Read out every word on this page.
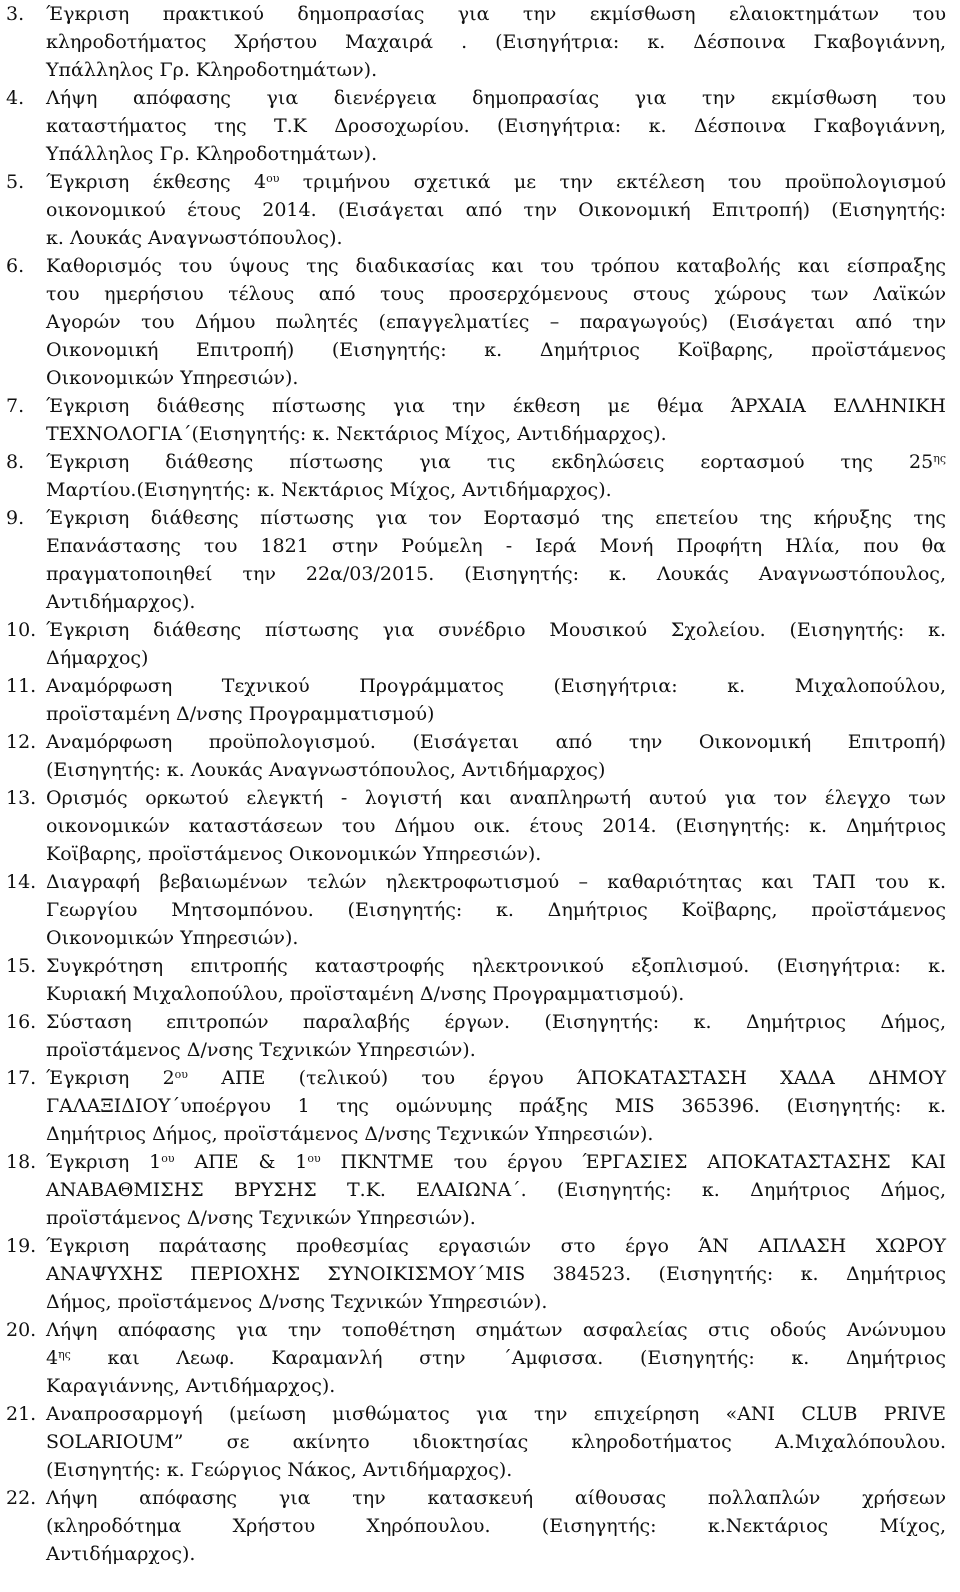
3.	Έγκριση πρακτικού δημοπρασίας για την εκμίσθωση ελαιοκτημάτων του
κληροδοτήματος Χρήστου Μαχαιρά . (Εισηγήτρια: κ. Δέσποινα Γκαβογιάννη,
Υπάλληλος Γρ. Κληροδοτημάτων).
4.	Λήψη απόφασης για διενέργεια δημοπρασίας για την εκμίσθωση του
καταστήματος της Τ.Κ Δροσοχωρίου. (Εισηγήτρια: κ. Δέσποινα Γκαβογιάννη,
Υπάλληλος Γρ. Κληροδοτημάτων).
5.	Έγκριση έκθεσης $4^{o\upsilon}$ τριμήνου σχετικά με την εκτέλεση του προϋπολογισμού
οικονομικού έτους 2014. (Εισάγεται από την Οικονομική Επιτροπή) (Εισηγητής:
κ. Λουκάς Αναγνωστόπουλος).
6.	Καθορισμός του ύψους της διαδικασίας και του τρόπου καταβολής και είσπραξης
του ημερήσιου τέλους από τους προσερχόμενους στους χώρους των Λαϊκών
Αγορών του Δήμου πωλητές (επαγγελματίες – παραγωγούς) (Εισάγεται από την
Οικονομική Επιτροπή) (Εισηγητής: κ. Δημήτριος Κοϊβαρης, προϊστάμενος
Οικονομικών Υπηρεσιών).
7.	Έγκριση διάθεσης πίστωσης για την έκθεση με θέμα ΆΡΧΑΙΑ ΕΛΛΗΝΙΚΗ
ΤΕΧΝΟΛΟΓΙΑ΄(Εισηγητής: κ. Νεκτάριος Μίχος, Αντιδήμαρχος).
8.	Έγκριση διάθεσης πίστωσης για τις εκδηλώσεις εορτασμού της $25^{\eta\varsigma}$
Μαρτίου.(Εισηγητής: κ. Νεκτάριος Μίχος, Αντιδήμαρχος).
9.	Έγκριση διάθεσης πίστωσης για τον Εορτασμό της επετείου της κήρυξης της
Επανάστασης του 1821 στην Ρούμελη - Ιερά Μονή Προφήτη Ηλία, που θα
πραγματοποιηθεί την 22α/03/2015. (Εισηγητής: κ. Λουκάς Αναγνωστόπουλος,
Αντιδήμαρχος).
10. Έγκριση διάθεσης πίστωσης για συνέδριο Μουσικού Σχολείου. (Εισηγητής: κ.
Δήμαρχος)
11. Αναμόρφωση Τεχνικού Προγράμματος (Εισηγήτρια: κ. Μιχαλοπούλου,
προϊσταμένη Δ/νσης Προγραμματισμού)
12. Αναμόρφωση προϋπολογισμού. (Εισάγεται από την Οικονομική Επιτροπή)
(Εισηγητής: κ. Λουκάς Αναγνωστόπουλος, Αντιδήμαρχος)
13. Ορισμός ορκωτού ελεγκτή - λογιστή και αναπληρωτή αυτού για τον έλεγχο των
οικονομικών καταστάσεων του Δήμου οικ. έτους 2014. (Εισηγητής: κ. Δημήτριος
Κοϊβαρης, προϊστάμενος Οικονομικών Υπηρεσιών).
14. Διαγραφή βεβαιωμένων τελών ηλεκτροφωτισμού – καθαριότητας και ΤΑΠ του κ.
Γεωργίου Μητσομπόνου. (Εισηγητής: κ. Δημήτριος Κοϊβαρης, προϊστάμενος
Οικονομικών Υπηρεσιών).
15. Συγκρότηση επιτροπής καταστροφής ηλεκτρονικού εξοπλισμού. (Εισηγήτρια: κ.
Κυριακή Μιχαλοπούλου, προϊσταμένη Δ/νσης Προγραμματισμού).
16. Σύσταση επιτροπών παραλαβής έργων. (Εισηγητής: κ. Δημήτριος Δήμος,
προϊστάμενος Δ/νσης Τεχνικών Υπηρεσιών).
17. Έγκριση $2^{o\upsilon}$ ΑΠΕ (τελικού) του έργου ΆΠΟΚΑΤΑΣΤΑΣΗ ΧΑΔΑ ΔΗΜΟΥ
ΓΑΛΑΞΙΔΙΟΥ΄υποέργου 1 της ομώνυμης πράξης MIS 365396. (Εισηγητής: κ.
Δημήτριος Δήμος, προϊστάμενος Δ/νσης Τεχνικών Υπηρεσιών).
18. Έγκριση $1^{o\upsilon}$ ΑΠΕ & $1^{o\upsilon}$ ΠΚΝΤΜΕ του έργου ΈΡΓΑΣΙΕΣ ΑΠΟΚΑΤΑΣΤΑΣΗΣ ΚΑΙ
ΑΝΑΒΑΘΜΙΣΗΣ ΒΡΥΣΗΣ Τ.Κ. ΕΛΑΙΩΝΑ΄. (Εισηγητής: κ. Δημήτριος Δήμος,
προϊστάμενος Δ/νσης Τεχνικών Υπηρεσιών).
19. Έγκριση παράτασης προθεσμίας εργασιών στο έργο ΆΝ ΑΠΛΑΣΗ ΧΩΡΟΥ
ΑΝΑΨΥΧΗΣ ΠΕΡΙΟΧΗΣ ΣΥΝΟΙΚΙΣΜΟΥ΄MIS 384523. (Εισηγητής: κ. Δημήτριος
Δήμος, προϊστάμενος Δ/νσης Τεχνικών Υπηρεσιών).
20. Λήψη απόφασης για την τοποθέτηση σημάτων ασφαλείας στις οδούς Ανώνυμου
$4^{\eta\varsigma}$ και Λεωφ. Καραμανλή στην ΄Αμφισσα. (Εισηγητής: κ. Δημήτριος
Καραγιάννης, Αντιδήμαρχος).
21. Αναπροσαρμογή (μείωση μισθώματος για την επιχείρηση «ANI CLUB PRIVE
SOLARIOUM” σε ακίνητο ιδιοκτησίας κληροδοτήματος Α.Μιχαλόπουλου.
(Εισηγητής: κ. Γεώργιος Νάκος, Αντιδήμαρχος).
22. Λήψη απόφασης για την κατασκευή αίθουσας πολλαπλών χρήσεων
(κληροδότημα Χρήστου Χηρόπουλου. (Εισηγητής: κ.Νεκτάριος Μίχος,
Αντιδήμαρχος).
